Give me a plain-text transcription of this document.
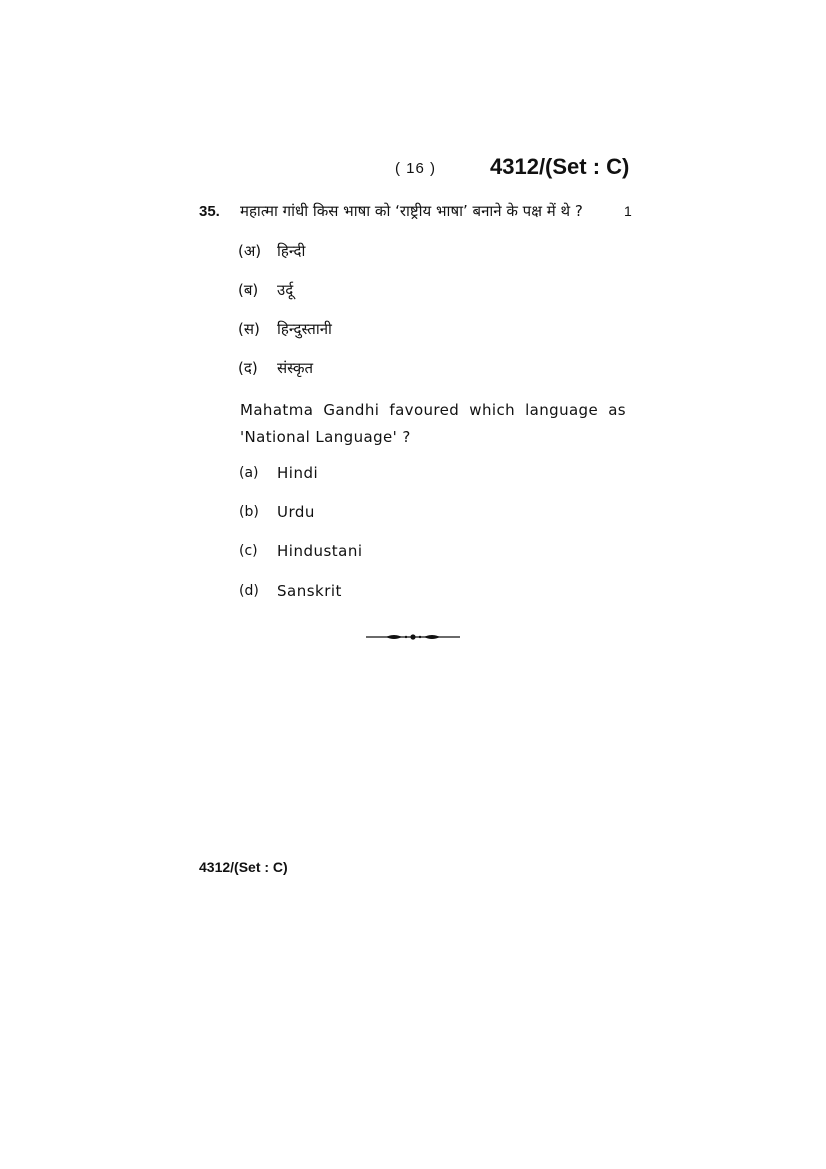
( 16 ) 4312/(Set : C)
35. महात्मा गांधी किस भाषा को ‘राष्ट्रीय भाषा’ बनाने के पक्ष में थे ?	1
(अ) हिन्दी
(ब) उर्दू
(स) हिन्दुस्तानी
(द) संस्कृत
Mahatma Gandhi favoured which language as 'National Language' ?
(a) Hindi
(b) Urdu
(c) Hindustani
(d) Sanskrit
4312/(Set : C)
